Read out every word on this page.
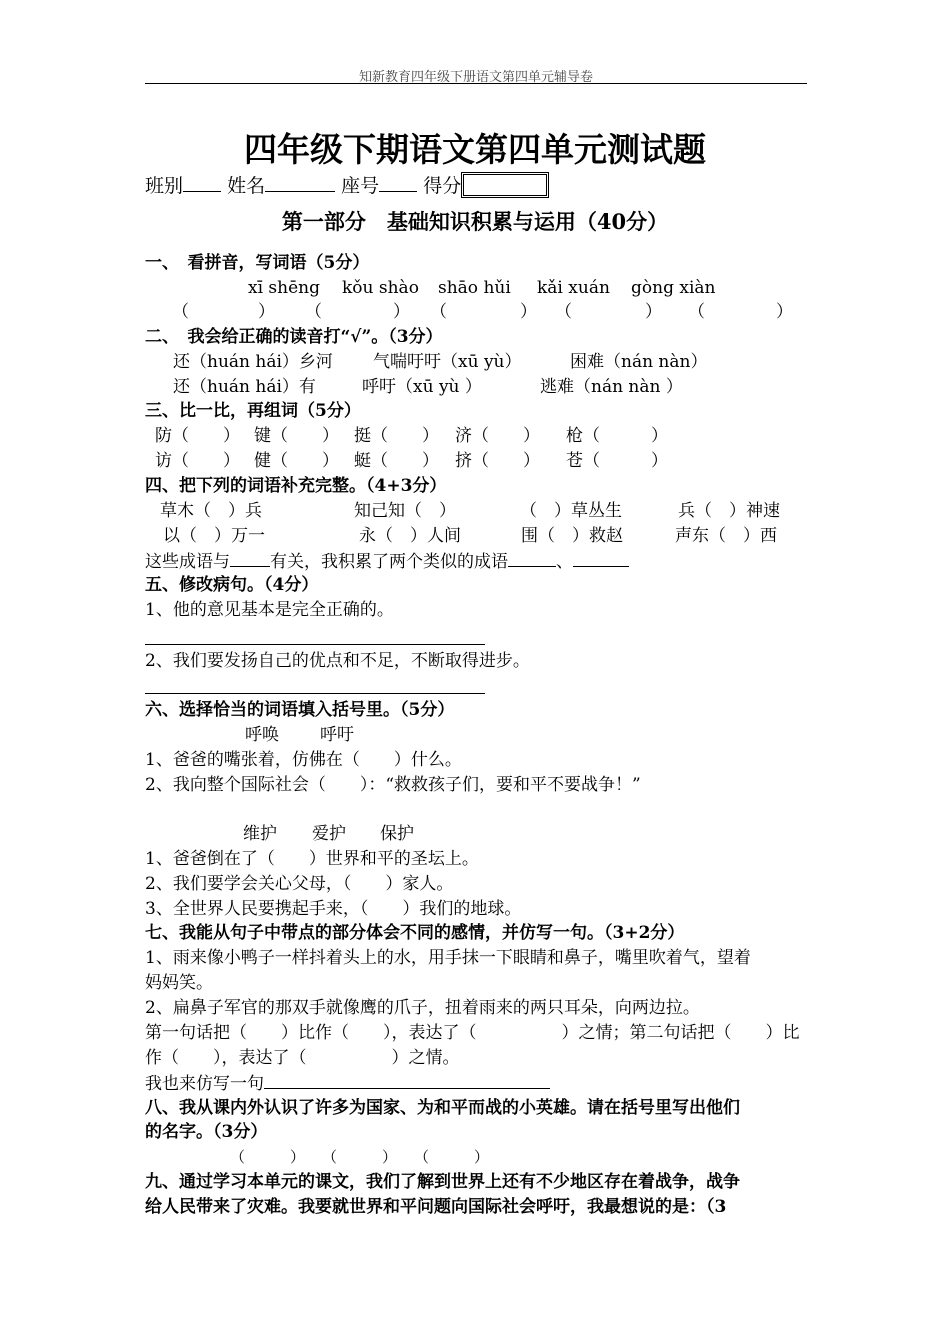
知新教育四年级下册语文第四单元辅导卷
四年级下期语文第四单元测试题
班别 姓名	座号 得分
第一部分　基础知识积累与运用（40分）
一、　看拼音，写词语（5分）
xī shēng kǒu shào shāo hǔi kǎi xuán gòng xiàn
（	） （	） （	） （	） （	）
二、　我会给正确的读音打“√”。（3分）
还（huán hái）乡河 气喘吁吁（xū yù）	困难（nán nàn）
还（huán hái）有	呼吁（xū yù ）	逃难（nán nàn ）
三、比一比，再组词（5分）
防（　　） 键（　　） 挺（　　） 济（　　） 枪（　　　）
访（　　） 健（　　） 蜓（　　） 挤（　　） 苍（　　　）
四、把下列的词语补充完整。（4+3分）
草木（　）兵	知己知（　）	（　）草丛生	兵（　）神速
以（　）万一	永（　）人间	围（　）救赵	声东（　）西
这些成语与 有关，我积累了两个类似的成语	、
五、修改病句。（4分）
1、他的意见基本是完全正确的。
2、我们要发扬自己的优点和不足，不断取得进步。
六、选择恰当的词语填入括号里。（5分）
呼唤 呼吁
1、爸爸的嘴张着，仿佛在（　　）什么。
2、我向整个国际社会（　　）：“救救孩子们，要和平不要战争！”
维护 爱护 保护
1、爸爸倒在了（　　）世界和平的圣坛上。
2、我们要学会关心父母，（　　）家人。
3、全世界人民要携起手来，（　　）我们的地球。
七、我能从句子中带点的部分体会不同的感情，并仿写一句。（3+2分）
1、雨来像小鸭子一样抖着头上的水，用手抹一下眼睛和鼻子，嘴里吹着气，望着
妈妈笑。
2、扁鼻子军官的那双手就像鹰的爪子，扭着雨来的两只耳朵，向两边拉。
第一句话把（　　）比作（　　），表达了（　　　　　）之情；第二句话把（　　）比
作（　　），表达了（　　　　　）之情。
我也来仿写一句
八、我从课内外认识了许多为国家、为和平而战的小英雄。请在括号里写出他们
的名字。（3分）
（　　　） （　　　） （　　　）
九、通过学习本单元的课文，我们了解到世界上还有不少地区存在着战争，战争
给人民带来了灾难。我要就世界和平问题向国际社会呼吁，我最想说的是：（3
